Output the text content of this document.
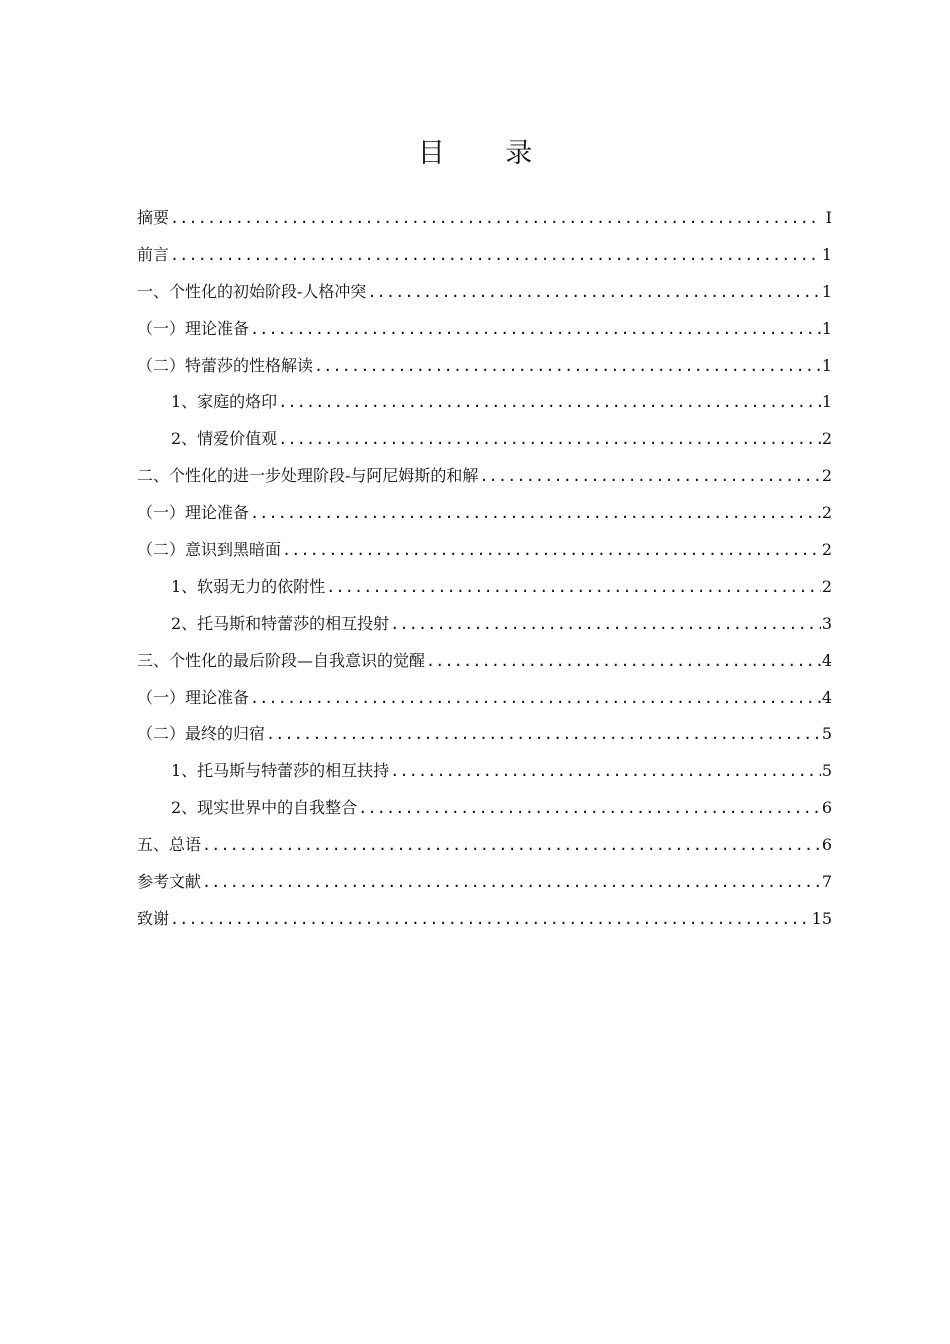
目 录
摘要 . . .	I
前言 . . .	1
一、个性化的初始阶段-人格冲突 . . .	1
（一）理论准备 . . .	1
（二）特蕾莎的性格解读 . . .	1
1、家庭的烙印 . . .	1
2、情爱价值观 . . .	2
二、个性化的进一步处理阶段-与阿尼姆斯的和解 . . .	2
（一）理论准备 . . .	2
（二）意识到黑暗面 . . .	2
1、软弱无力的依附性 . . .	2
2、托马斯和特蕾莎的相互投射 . . .	3
三、个性化的最后阶段—自我意识的觉醒 . . .	4
（一）理论准备 . . .	4
（二）最终的归宿 . . .	5
1、托马斯与特蕾莎的相互扶持 . . .	5
2、现实世界中的自我整合 . . .	6
五、总语 . . .	6
参考文献 . . .	7
致谢 . . .	15
